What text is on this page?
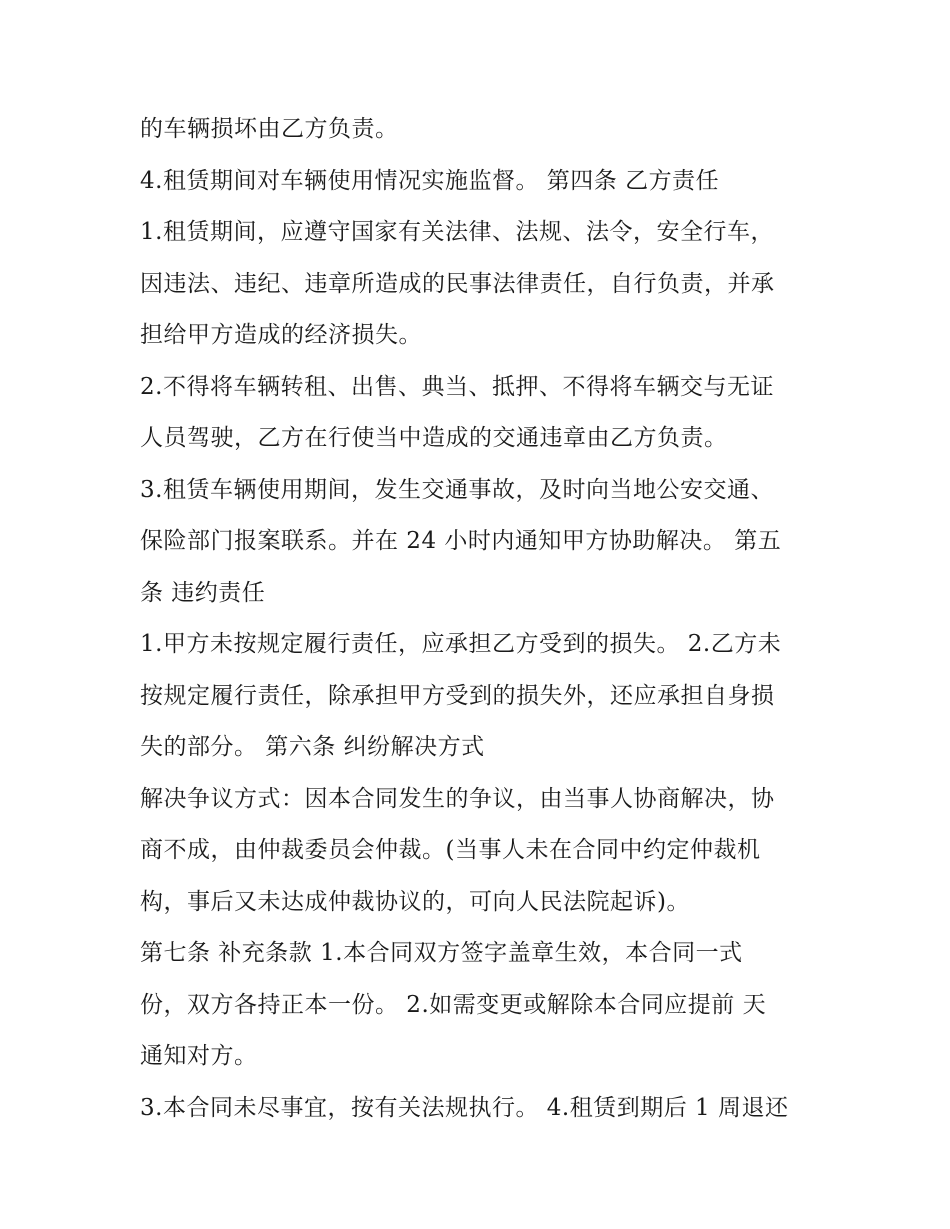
的车辆损坏由乙方负责。
4.租赁期间对车辆使用情况实施监督。 第四条 乙方责任
1.租赁期间，应遵守国家有关法律、法规、法令，安全行车，
因违法、违纪、违章所造成的民事法律责任，自行负责，并承
担给甲方造成的经济损失。
2.不得将车辆转租、出售、典当、抵押、不得将车辆交与无证
人员驾驶，乙方在行使当中造成的交通违章由乙方负责。
3.租赁车辆使用期间，发生交通事故，及时向当地公安交通、
保险部门报案联系。并在 24 小时内通知甲方协助解决。 第五
条 违约责任
1.甲方未按规定履行责任，应承担乙方受到的损失。 2.乙方未
按规定履行责任，除承担甲方受到的损失外，还应承担自身损
失的部分。 第六条 纠纷解决方式
解决争议方式：因本合同发生的争议，由当事人协商解决，协
商不成，由仲裁委员会仲裁。(当事人未在合同中约定仲裁机
构，事后又未达成仲裁协议的，可向人民法院起诉)。
第七条 补充条款 1.本合同双方签字盖章生效，本合同一式
份，双方各持正本一份。 2.如需变更或解除本合同应提前 天
通知对方。
3.本合同未尽事宜，按有关法规执行。 4.租赁到期后 1 周退还
